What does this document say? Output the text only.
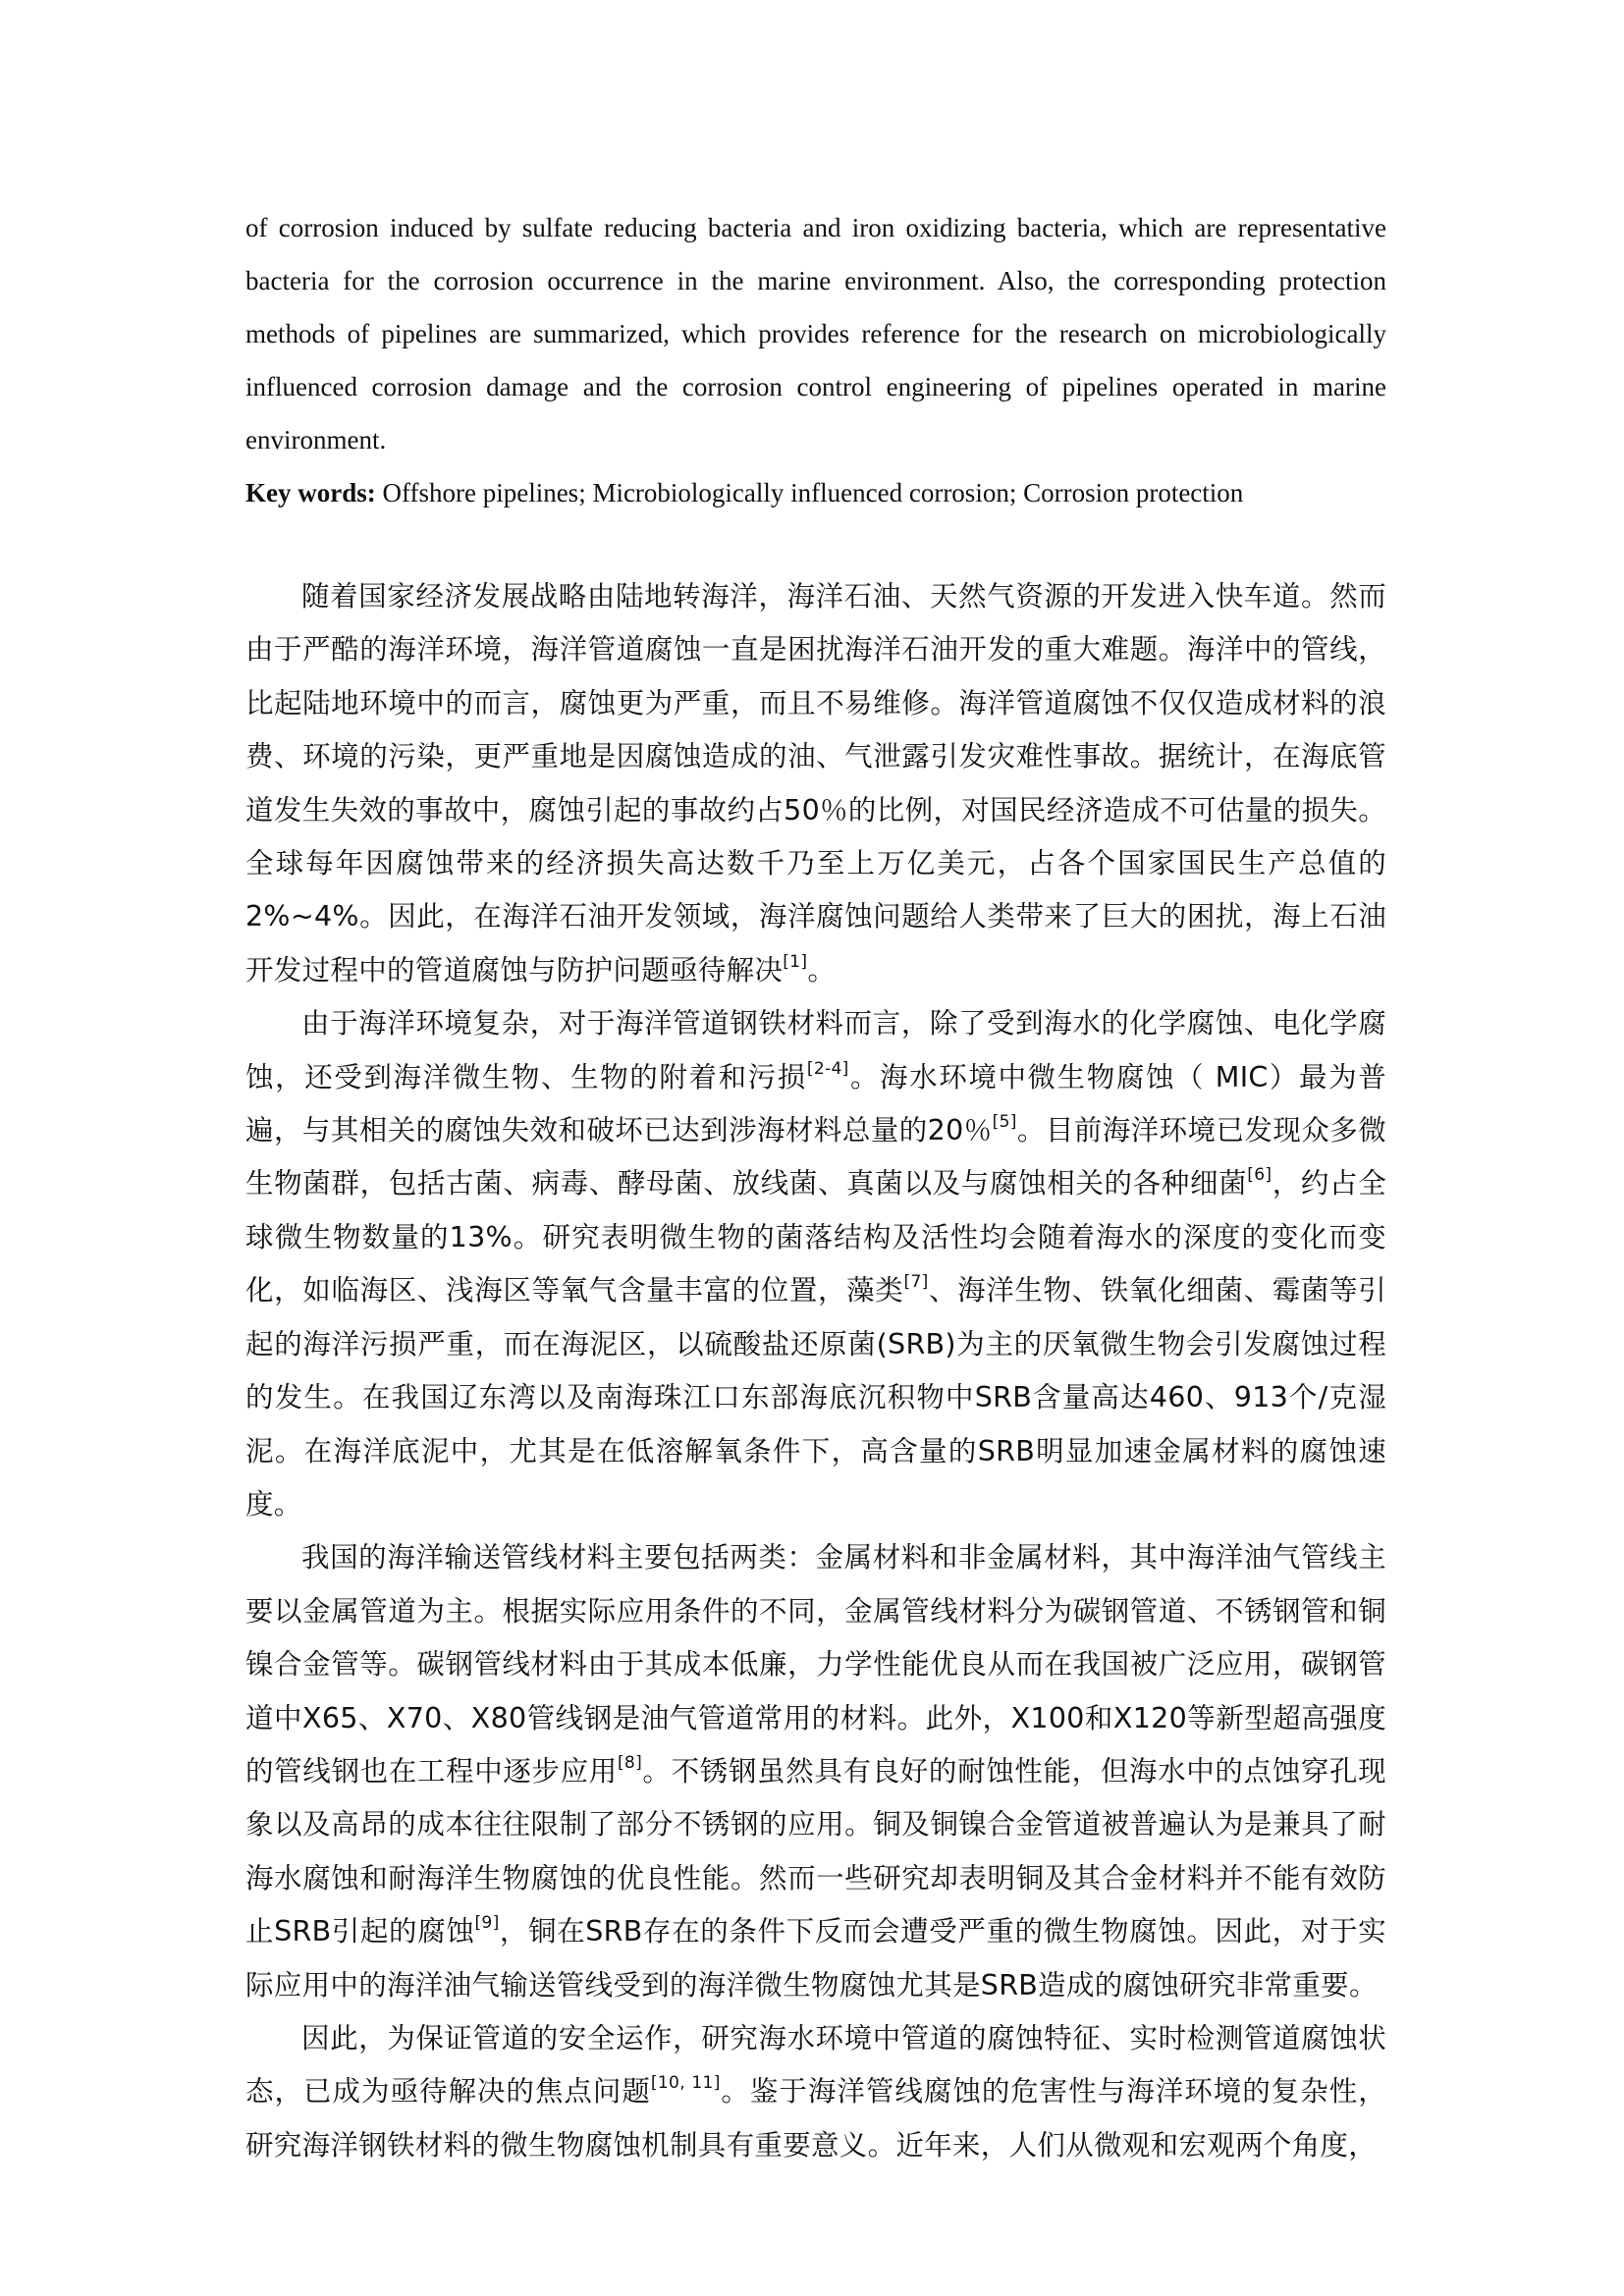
of corrosion induced by sulfate reducing bacteria and iron oxidizing bacteria, which are representative bacteria for the corrosion occurrence in the marine environment. Also, the corresponding protection methods of pipelines are summarized, which provides reference for the research on microbiologically influenced corrosion damage and the corrosion control engineering of pipelines operated in marine environment.

Key words: Offshore pipelines; Microbiologically influenced corrosion; Corrosion protection

随着国家经济发展战略由陆地转海洋，海洋石油、天然气资源的开发进入快车道。然而由于严酷的海洋环境，海洋管道腐蚀一直是困扰海洋石油开发的重大难题。海洋中的管线，比起陆地环境中的而言，腐蚀更为严重，而且不易维修。海洋管道腐蚀不仅仅造成材料的浪费、环境的污染，更严重地是因腐蚀造成的油、气泄露引发灾难性事故。据统计，在海底管道发生失效的事故中，腐蚀引起的事故约占50％的比例，对国民经济造成不可估量的损失。全球每年因腐蚀带来的经济损失高达数千乃至上万亿美元，占各个国家国民生产总值的2%~4%。因此，在海洋石油开发领域，海洋腐蚀问题给人类带来了巨大的困扰，海上石油开发过程中的管道腐蚀与防护问题亟待解决[1]。

由于海洋环境复杂，对于海洋管道钢铁材料而言，除了受到海水的化学腐蚀、电化学腐蚀，还受到海洋微生物、生物的附着和污损[2-4]。海水环境中微生物腐蚀（ MIC）最为普遍，与其相关的腐蚀失效和破坏已达到涉海材料总量的20％[5]。目前海洋环境已发现众多微生物菌群，包括古菌、病毒、酵母菌、放线菌、真菌以及与腐蚀相关的各种细菌[6]，约占全球微生物数量的13%。研究表明微生物的菌落结构及活性均会随着海水的深度的变化而变化，如临海区、浅海区等氧气含量丰富的位置，藻类[7]、海洋生物、铁氧化细菌、霉菌等引起的海洋污损严重，而在海泥区，以硫酸盐还原菌(SRB)为主的厌氧微生物会引发腐蚀过程的发生。在我国辽东湾以及南海珠江口东部海底沉积物中SRB含量高达460、913个/克湿泥。在海洋底泥中，尤其是在低溶解氧条件下，高含量的SRB明显加速金属材料的腐蚀速度。

我国的海洋输送管线材料主要包括两类：金属材料和非金属材料，其中海洋油气管线主要以金属管道为主。根据实际应用条件的不同，金属管线材料分为碳钢管道、不锈钢管和铜镍合金管等。碳钢管线材料由于其成本低廉，力学性能优良从而在我国被广泛应用，碳钢管道中X65、X70、X80管线钢是油气管道常用的材料。此外，X100和X120等新型超高强度的管线钢也在工程中逐步应用[8]。不锈钢虽然具有良好的耐蚀性能，但海水中的点蚀穿孔现象以及高昂的成本往往限制了部分不锈钢的应用。铜及铜镍合金管道被普遍认为是兼具了耐海水腐蚀和耐海洋生物腐蚀的优良性能。然而一些研究却表明铜及其合金材料并不能有效防止SRB引起的腐蚀[9]，铜在SRB存在的条件下反而会遭受严重的微生物腐蚀。因此，对于实际应用中的海洋油气输送管线受到的海洋微生物腐蚀尤其是SRB造成的腐蚀研究非常重要。

因此，为保证管道的安全运作，研究海水环境中管道的腐蚀特征、实时检测管道腐蚀状态，已成为亟待解决的焦点问题[10, 11]。鉴于海洋管线腐蚀的危害性与海洋环境的复杂性，研究海洋钢铁材料的微生物腐蚀机制具有重要意义。近年来，人们从微观和宏观两个角度，
